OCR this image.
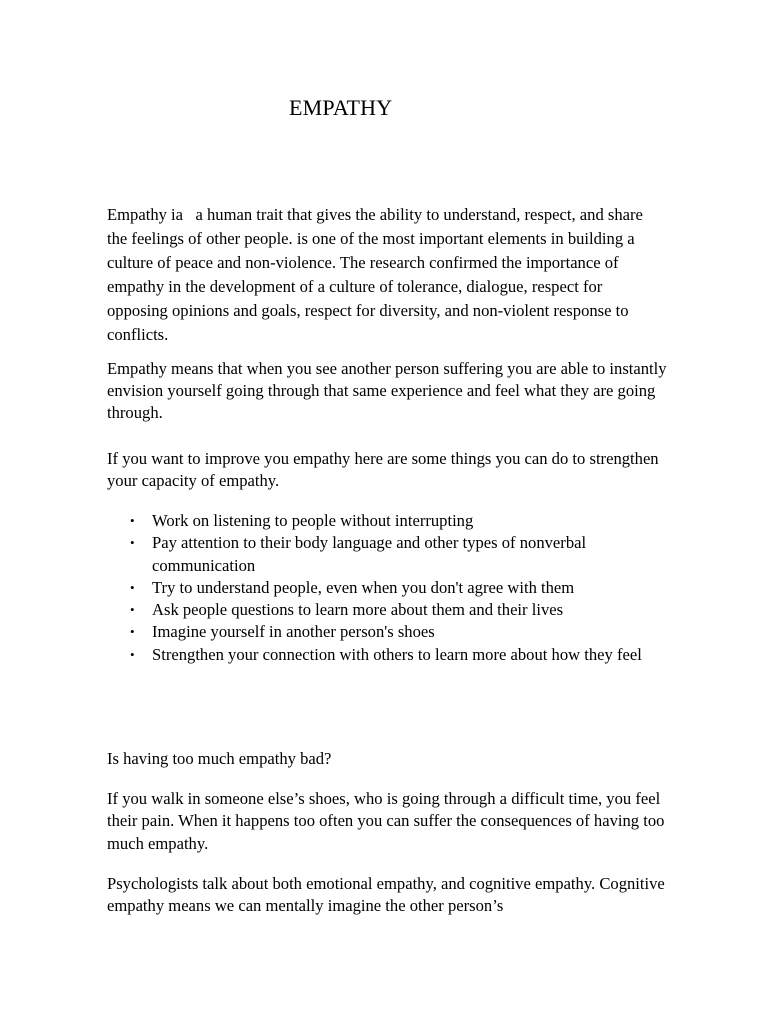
EMPATHY

Empathy ia   a human trait that gives the ability to understand, respect, and share the feelings of other people. is one of the most important elements in building a culture of peace and non-violence. The research confirmed the importance of empathy in the development of a culture of tolerance, dialogue, respect for opposing opinions and goals, respect for diversity, and non-violent response to conflicts.

Empathy means that when you see another person suffering you are able to instantly envision yourself going through that same experience and feel what they are going through.

If you want to improve you empathy here are some things you can do to strengthen your capacity of empathy.

• Work on listening to people without interrupting
• Pay attention to their body language and other types of nonverbal communication
• Try to understand people, even when you don't agree with them
• Ask people questions to learn more about them and their lives
• Imagine yourself in another person's shoes
• Strengthen your connection with others to learn more about how they feel

Is having too much empathy bad?

If you walk in someone else’s shoes, who is going through a difficult time, you feel their pain. When it happens too often you can suffer the consequences of having too much empathy.

Psychologists talk about both emotional empathy, and cognitive empathy. Cognitive empathy means we can mentally imagine the other person’s
